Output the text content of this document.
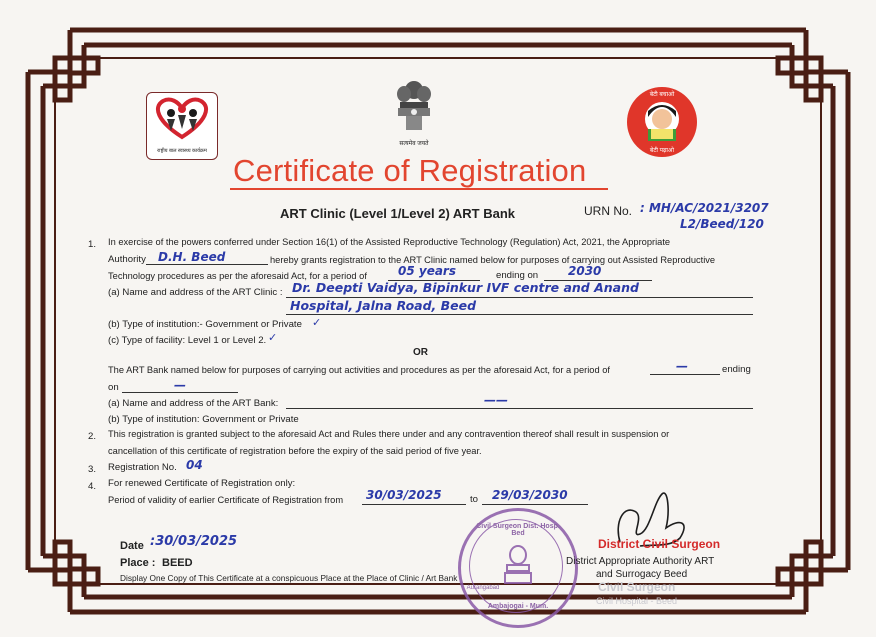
राष्ट्रीय बाल स्वास्थ्य कार्यक्रम
सत्यमेव जयते
बेटी बचाओ
बेटी पढ़ाओ
Certificate of Registration
ART Clinic (Level 1/Level 2) ART Bank	URN No. : MH/AC/2021/3207
L2/Beed/120
1. In exercise of the powers conferred under Section 16(1) of the Assisted Reproductive Technology (Regulation) Act, 2021, the Appropriate
Authority D.H. Beed	hereby grants registration to the ART Clinic named below for purposes of carrying out Assisted Reproductive
Technology procedures as per the aforesaid Act, for a period of	05 years	ending on 2030
(a) Name and address of the ART Clinic : Dr. Deepti Vaidya, Bipinkur IVF centre and Anand
Hospital, Jalna Road, Beed
(b) Type of institution:- Government or Private ✓
(c) Type of facility: Level 1 or Level 2. ✓
OR
The ART Bank named below for purposes of carrying out activities and procedures as per the aforesaid Act, for a period of	—	ending
on	—
(a) Name and address of the ART Bank:	——
(b) Type of institution: Government or Private
2. This registration is granted subject to the aforesaid Act and Rules there under and any contravention thereof shall result in suspension or
cancellation of this certificate of registration before the expiry of the said period of five year.
3. Registration No. 04
4. For renewed Certificate of Registration only:
Period of validity of earlier Certificate of Registration from 30/03/2025	to 29/03/2030
Date :30/03/2025
Place : BEED
Display One Copy of This Certificate at a conspicuous Place at the Place of Clinic / Art Bank
Civil Surgeon Dist. Hosp. Bed
Aurangabad
Ambajogai - Mum.
District Civil Surgeon
District Appropriate Authority ART
and Surrogacy Beed
Civil Surgeon
Civil Hospital - Beed
